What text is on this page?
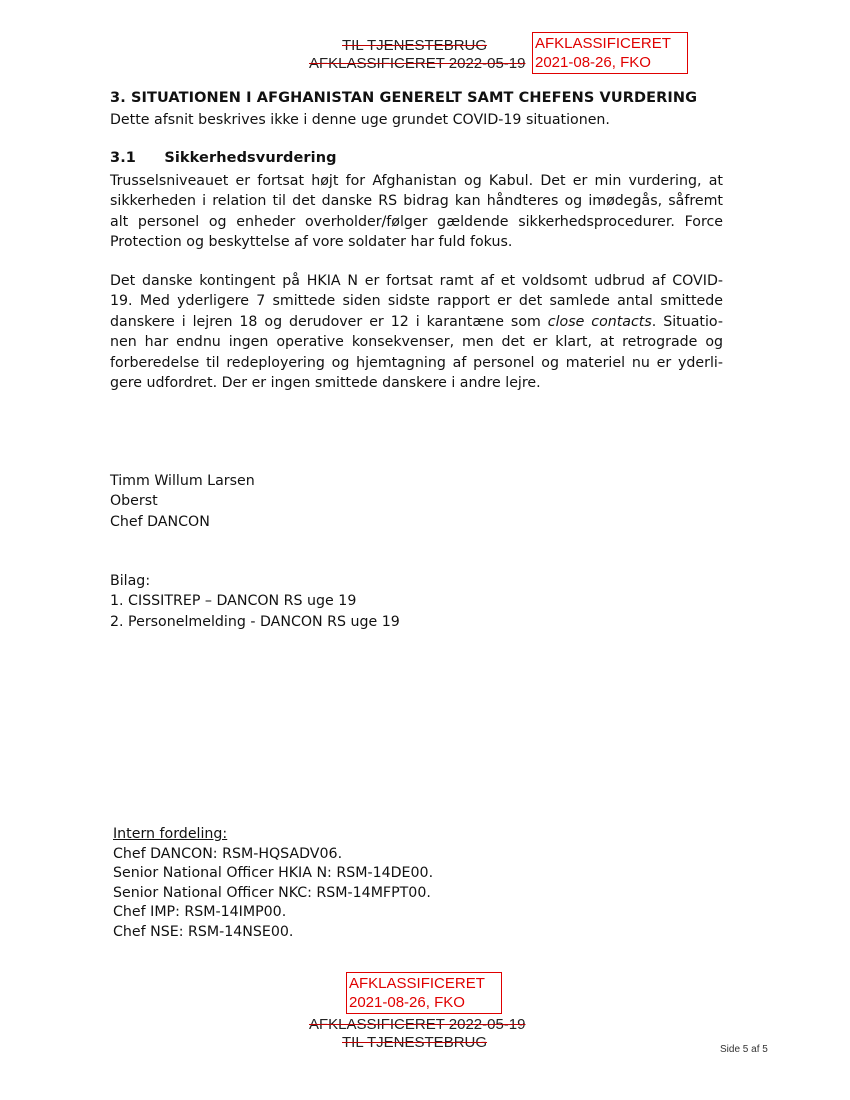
TIL TJENESTEBRUG
AFKLASSIFICERET 2022-05-19
AFKLASSIFICERET
2021-08-26, FKO
3. SITUATIONEN I AFGHANISTAN GENERELT SAMT CHEFENS VURDERING
Dette afsnit beskrives ikke i denne uge grundet COVID-19 situationen.
3.1 Sikkerhedsvurdering
Trusselsniveauet er fortsat højt for Afghanistan og Kabul. Det er min vurdering, at
sikkerheden i relation til det danske RS bidrag kan håndteres og imødegås, såfremt
alt personel og enheder overholder/følger gældende sikkerhedsprocedurer. Force
Protection og beskyttelse af vore soldater har fuld fokus.
Det danske kontingent på HKIA N er fortsat ramt af et voldsomt udbrud af COVID-
19. Med yderligere 7 smittede siden sidste rapport er det samlede antal smittede
danskere i lejren 18 og derudover er 12 i karantæne som close contacts. Situatio-
nen har endnu ingen operative konsekvenser, men det er klart, at retrograde og
forberedelse til redeployering og hjemtagning af personel og materiel nu er yderli-
gere udfordret. Der er ingen smittede danskere i andre lejre.
Timm Willum Larsen
Oberst
Chef DANCON
Bilag:
1. CISSITREP – DANCON RS uge 19
2. Personelmelding - DANCON RS uge 19
Intern fordeling:
Chef DANCON: RSM-HQSADV06.
Senior National Officer HKIA N: RSM-14DE00.
Senior National Officer NKC: RSM-14MFPT00.
Chef IMP: RSM-14IMP00.
Chef NSE: RSM-14NSE00.
AFKLASSIFICERET
2021-08-26, FKO
AFKLASSIFICERET 2022-05-19
TIL TJENESTEBRUG	Side 5 af 5
